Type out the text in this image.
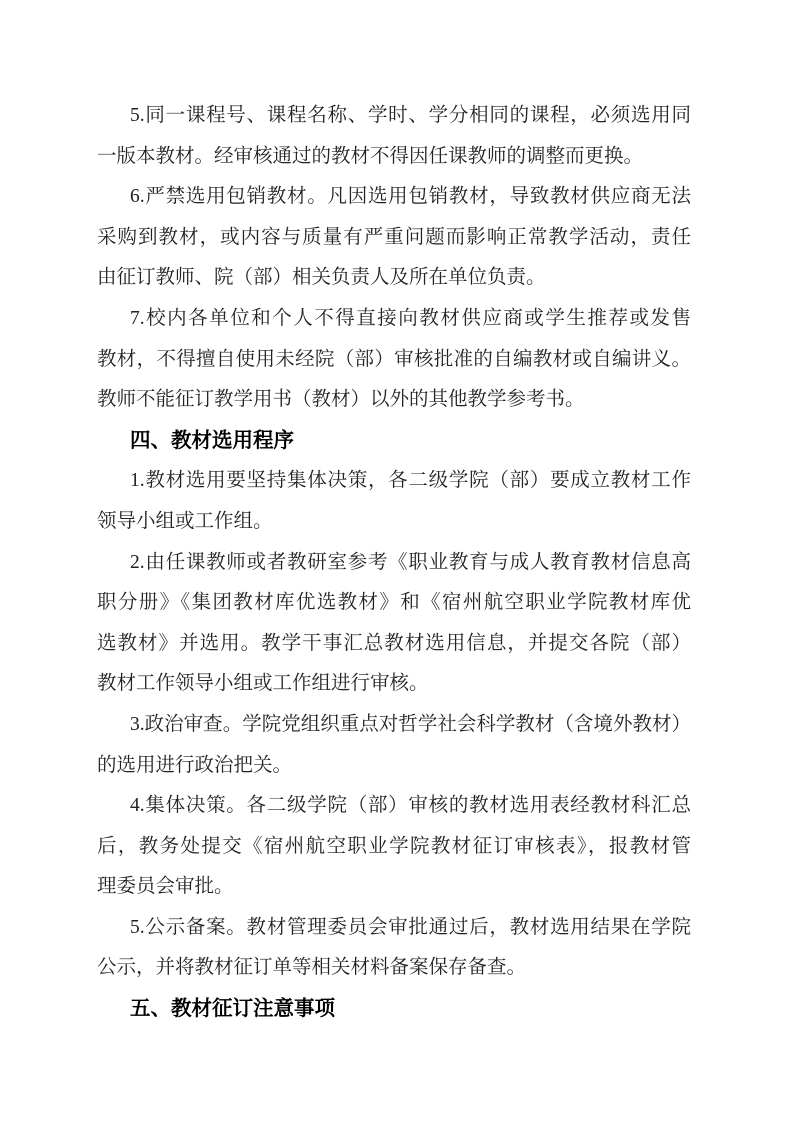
5.同一课程号、课程名称、学时、学分相同的课程，必须选用同
一版本教材。经审核通过的教材不得因任课教师的调整而更换。
6.严禁选用包销教材。凡因选用包销教材，导致教材供应商无法
采购到教材，或内容与质量有严重问题而影响正常教学活动，责任
由征订教师、院（部）相关负责人及所在单位负责。
7.校内各单位和个人不得直接向教材供应商或学生推荐或发售
教材，不得擅自使用未经院（部）审核批准的自编教材或自编讲义。
教师不能征订教学用书（教材）以外的其他教学参考书。
四、教材选用程序
1.教材选用要坚持集体决策，各二级学院（部）要成立教材工作
领导小组或工作组。
2.由任课教师或者教研室参考《职业教育与成人教育教材信息高
职分册》《集团教材库优选教材》和《宿州航空职业学院教材库优
选教材》并选用。教学干事汇总教材选用信息，并提交各院（部）
教材工作领导小组或工作组进行审核。
3.政治审查。学院党组织重点对哲学社会科学教材（含境外教材）
的选用进行政治把关。
4.集体决策。各二级学院（部）审核的教材选用表经教材科汇总
后，教务处提交《宿州航空职业学院教材征订审核表》，报教材管
理委员会审批。
5.公示备案。教材管理委员会审批通过后，教材选用结果在学院
公示，并将教材征订单等相关材料备案保存备查。
五、教材征订注意事项
